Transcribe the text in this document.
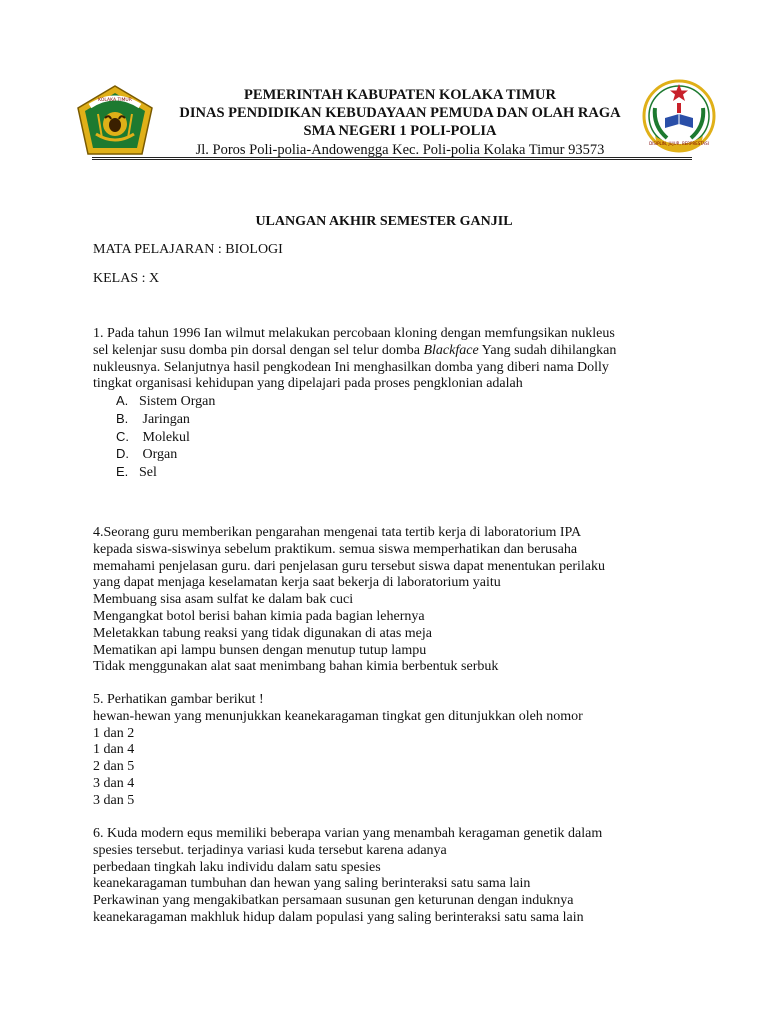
KOLAKA TIMUR	PEMERINTAH KABUPATEN KOLAKA TIMUR
DINAS PENDIDIKAN KEBUDAYAAN PEMUDA DAN OLAH RAGA
SMA NEGERI 1 POLI-POLIA
Jl. Poros Poli-polia-Andowengga Kec. Poli-polia Kolaka Timur 93573	DISIPLIN, JUJUR, BERPRESTASI
ULANGAN AKHIR SEMESTER GANJIL
MATA PELAJARAN : BIOLOGI
KELAS : X
1. Pada tahun 1996 Ian wilmut melakukan percobaan kloning dengan memfungsikan nukleus
sel kelenjar susu domba pin dorsal dengan sel telur domba Blackface Yang sudah dihilangkan
nukleusnya. Selanjutnya hasil pengkodean Ini menghasilkan domba yang diberi nama Dolly
tingkat organisasi kehidupan yang dipelajari pada proses pengklonian adalah
A. Sistem Organ
B. Jaringan
C. Molekul
D. Organ
E. Sel
4.Seorang guru memberikan pengarahan mengenai tata tertib kerja di laboratorium IPA
kepada siswa-siswinya sebelum praktikum. semua siswa memperhatikan dan berusaha
memahami penjelasan guru. dari penjelasan guru tersebut siswa dapat menentukan perilaku
yang dapat menjaga keselamatan kerja saat bekerja di laboratorium yaitu
Membuang sisa asam sulfat ke dalam bak cuci
Mengangkat botol berisi bahan kimia pada bagian lehernya
Meletakkan tabung reaksi yang tidak digunakan di atas meja
Mematikan api lampu bunsen dengan menutup tutup lampu
Tidak menggunakan alat saat menimbang bahan kimia berbentuk serbuk
5. Perhatikan gambar berikut !
hewan-hewan yang menunjukkan keanekaragaman tingkat gen ditunjukkan oleh nomor
1 dan 2
1 dan 4
2 dan 5
3 dan 4
3 dan 5
6. Kuda modern equs memiliki beberapa varian yang menambah keragaman genetik dalam
spesies tersebut. terjadinya variasi kuda tersebut karena adanya
perbedaan tingkah laku individu dalam satu spesies
keanekaragaman tumbuhan dan hewan yang saling berinteraksi satu sama lain
Perkawinan yang mengakibatkan persamaan susunan gen keturunan dengan induknya
keanekaragaman makhluk hidup dalam populasi yang saling berinteraksi satu sama lain
